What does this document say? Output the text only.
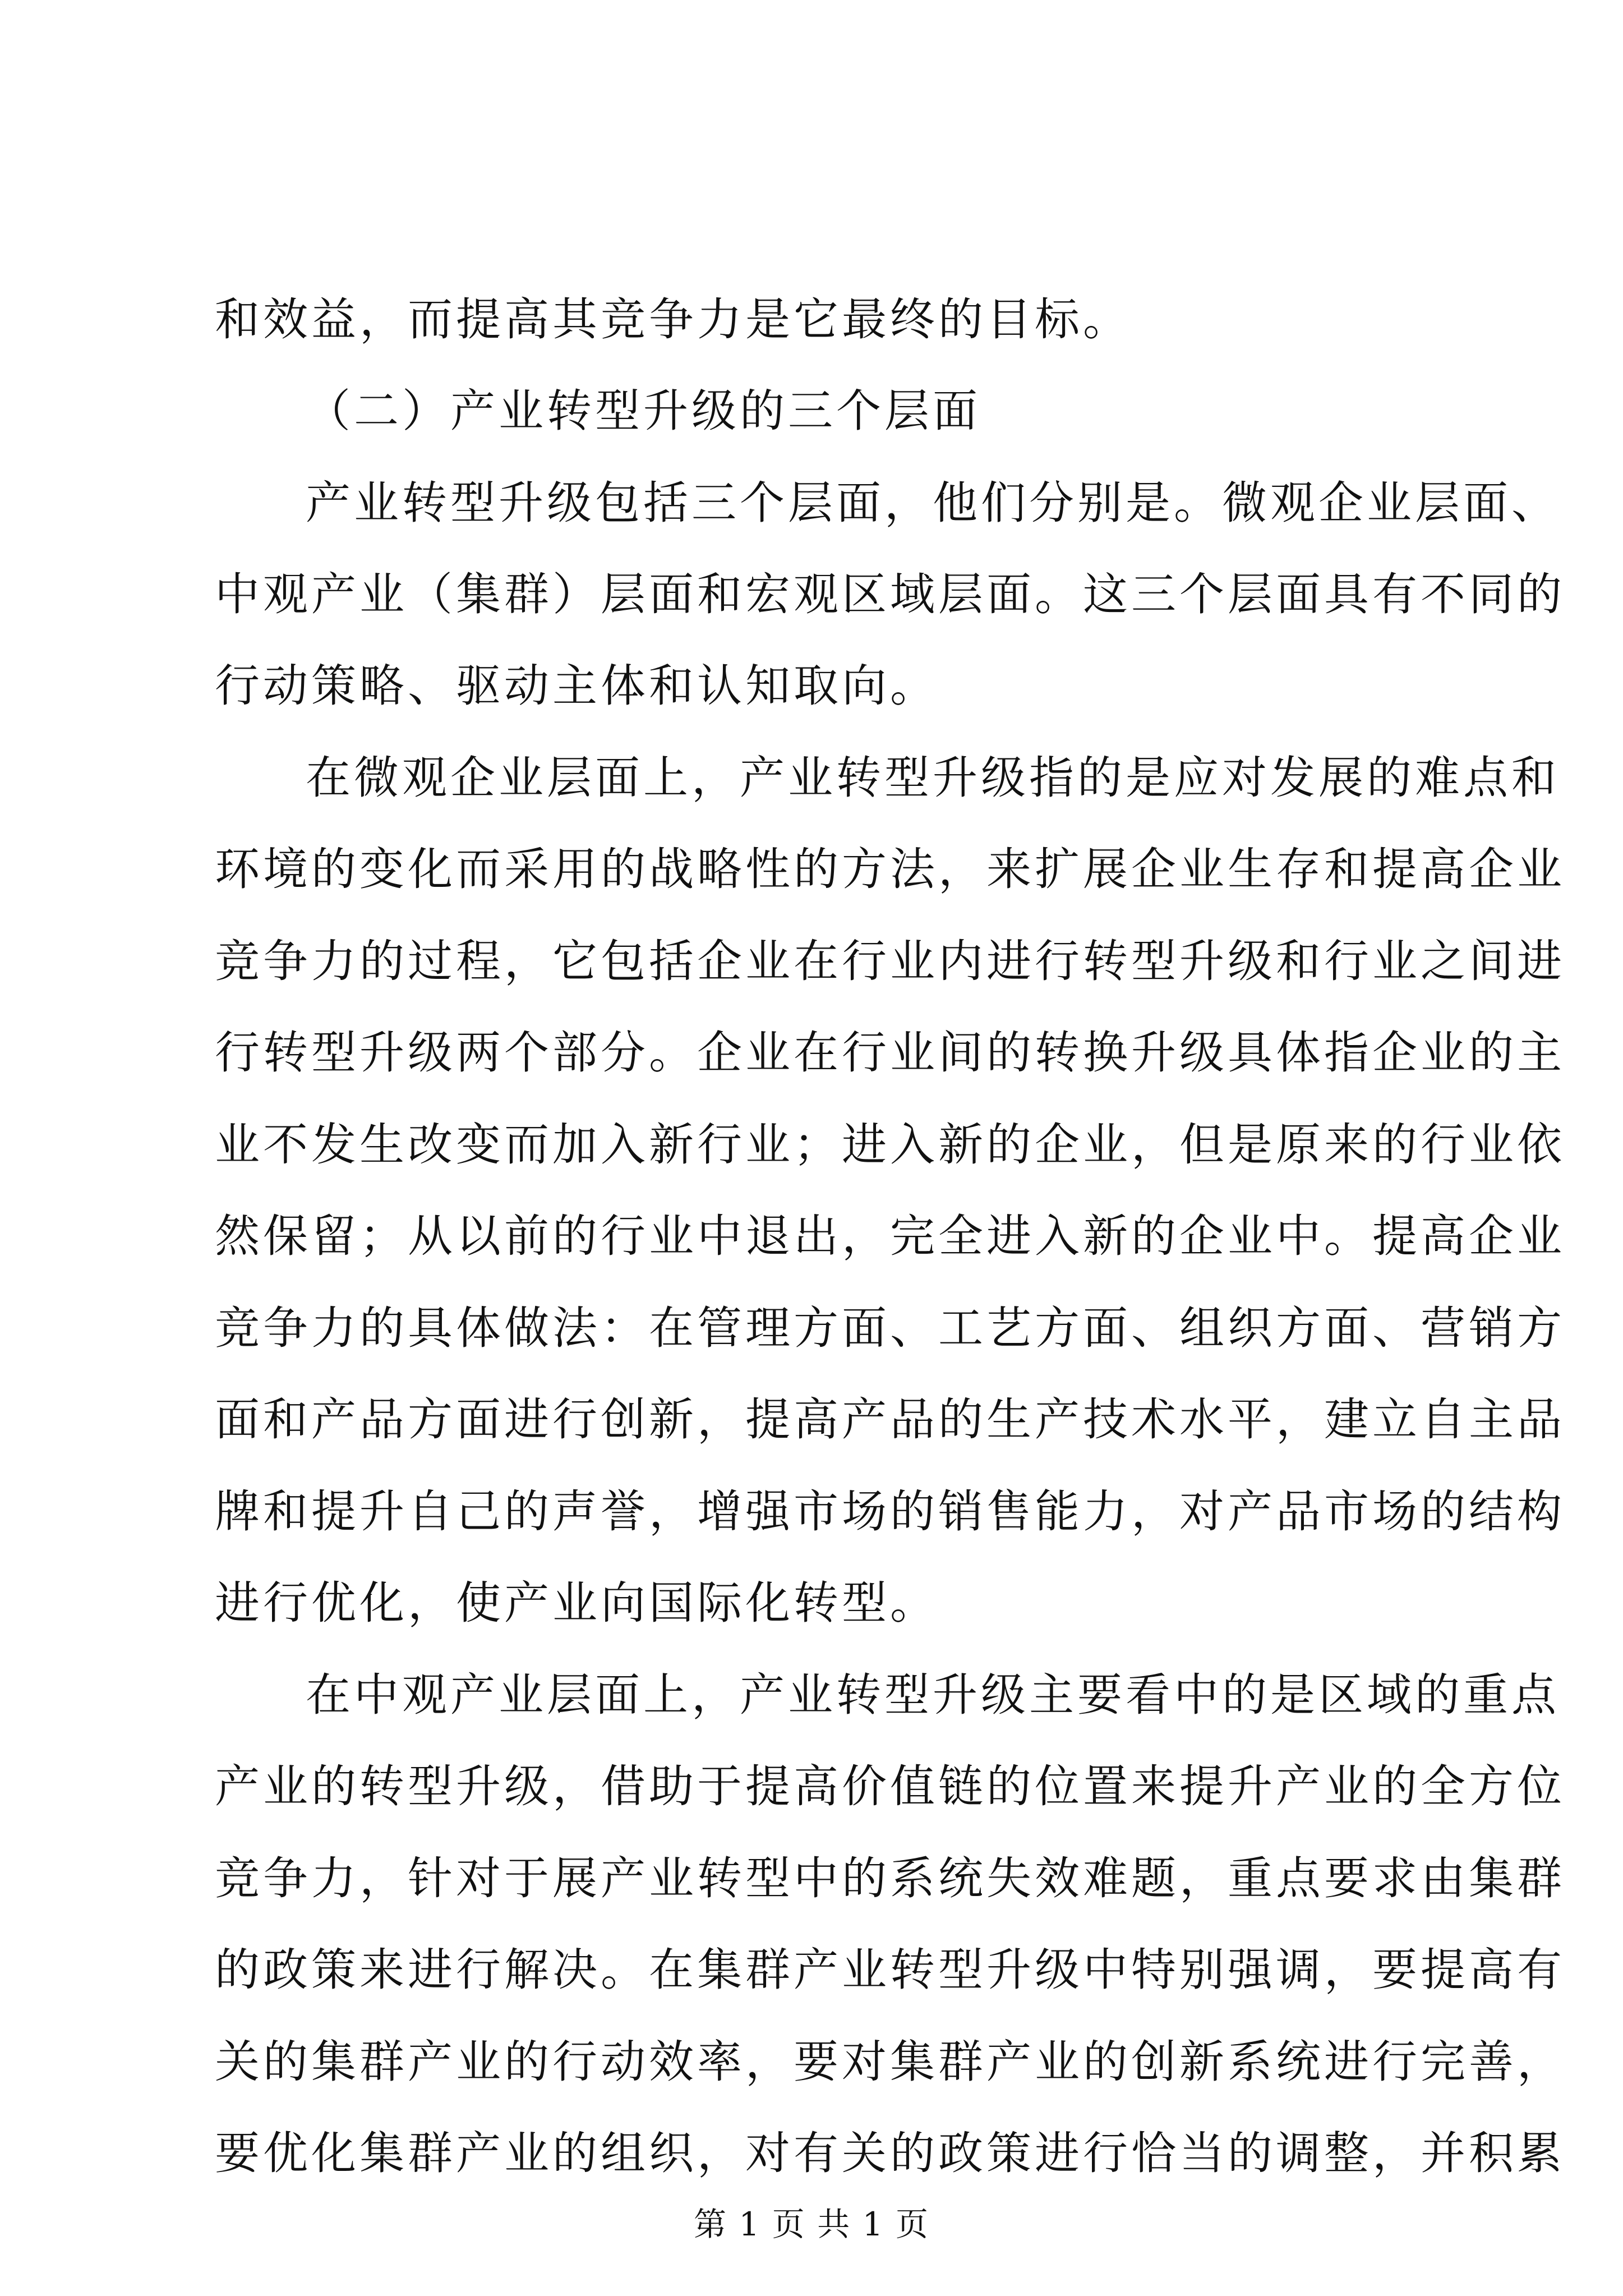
和效益，而提高其竞争力是它最终的目标。
（二）产业转型升级的三个层面
产业转型升级包括三个层面，他们分别是。微观企业层面、
中观产业（集群）层面和宏观区域层面。这三个层面具有不同的
行动策略、驱动主体和认知取向。
在微观企业层面上，产业转型升级指的是应对发展的难点和
环境的变化而采用的战略性的方法，来扩展企业生存和提高企业
竞争力的过程，它包括企业在行业内进行转型升级和行业之间进
行转型升级两个部分。企业在行业间的转换升级具体指企业的主
业不发生改变而加入新行业；进入新的企业，但是原来的行业依
然保留；从以前的行业中退出，完全进入新的企业中。提高企业
竞争力的具体做法：在管理方面、工艺方面、组织方面、营销方
面和产品方面进行创新，提高产品的生产技术水平，建立自主品
牌和提升自己的声誉，增强市场的销售能力，对产品市场的结构
进行优化，使产业向国际化转型。
在中观产业层面上，产业转型升级主要看中的是区域的重点
产业的转型升级，借助于提高价值链的位置来提升产业的全方位
竞争力，针对于展产业转型中的系统失效难题，重点要求由集群
的政策来进行解决。在集群产业转型升级中特别强调，要提高有
关的集群产业的行动效率，要对集群产业的创新系统进行完善，
要优化集群产业的组织，对有关的政策进行恰当的调整，并积累
第 1 页 共 1 页
